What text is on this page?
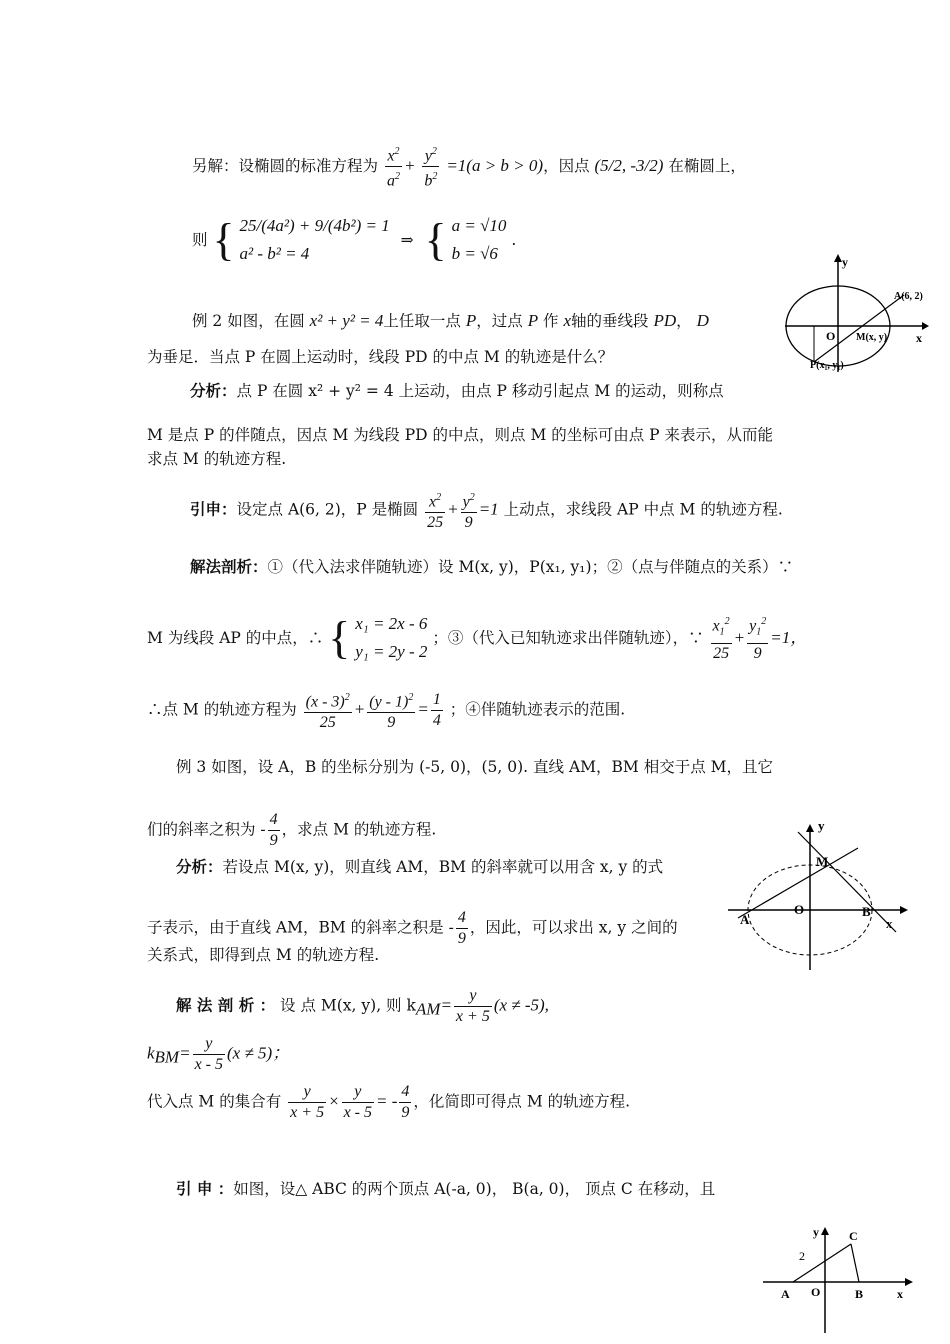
另解：设椭圆的标准方程为 $\frac{x^2}{a^2} + \frac{y^2}{b^2} =1(a > b > 0)$，因点 (5/2, -3/2) 在椭圆上，
则 { 25/(4a²) + 9/(4b²) = 1
a² - b² = 4
⇒ { a = √10
b = √6
.
例 2 如图，在圆 x² + y² = 4上任取一点 P，过点 P 作 x轴的垂线段 PD， D
为垂足．当点 P 在圆上运动时，线段 PD 的中点 M 的轨迹是什么？
分析：点 P 在圆 x² + y² = 4 上运动，由点 P 移动引起点 M 的运动，则称点
M 是点 P 的伴随点，因点 M 为线段 PD 的中点，则点 M 的坐标可由点 P 来表示，从而能
求点 M 的轨迹方程.
引申：设定点 A(6, 2)，P 是椭圆 $\frac{x^2}{25} + \frac{y^2}{9} =1$ 上动点，求线段 AP 中点 M 的轨迹方程.
解法剖析：①（代入法求伴随轨迹）设 M(x, y)，P(x₁, y₁)；②（点与伴随点的关系）∵
M 为线段 AP 的中点，∴ { x₁ = 2x - 6
y₁ = 2y - 2
；③（代入已知轨迹求出伴随轨迹），∵ $\frac{x_1^2}{25} + \frac{y_1^2}{9} =1$，
∴点 M 的轨迹方程为 $\frac{(x - 3)^2}{25} + \frac{(y - 1)^2}{9} = \frac{1}{4}$ ；④伴随轨迹表示的范围.
例 3 如图，设 A，B 的坐标分别为 (-5, 0)，(5, 0). 直线 AM，BM 相交于点 M，且它
们的斜率之积为 - $\frac{4}{9}$ ，求点 M 的轨迹方程.
分析：若设点 M(x, y)，则直线 AM，BM 的斜率就可以用含 x, y 的式
子表示，由于直线 AM，BM 的斜率之积是 - $\frac{4}{9}$ ，因此，可以求出 x, y 之间的
关系式，即得到点 M 的轨迹方程.
解 法 剖 析 ： 设 点 M(x, y), 则 $k_{AM}= \frac{y}{x + 5} (x \ne -5)$,
$k_{BM}= \frac{y}{x - 5} (x \ne 5)$；
代入点 M 的集合有 $\frac{y}{x + 5} \times \frac{y}{x - 5}$ = - $\frac{4}{9}$ ，化简即可得点 M 的轨迹方程.
引 申 ：如图，设△ ABC 的两个顶点 A(-a, 0)， B(a, 0)， 顶点 C 在移动，且
y
x
O
A(6, 2)
M(x, y)
P(x₁, y₁)
y
x
O
A
B
M
y
x
O
A	B
C
2
